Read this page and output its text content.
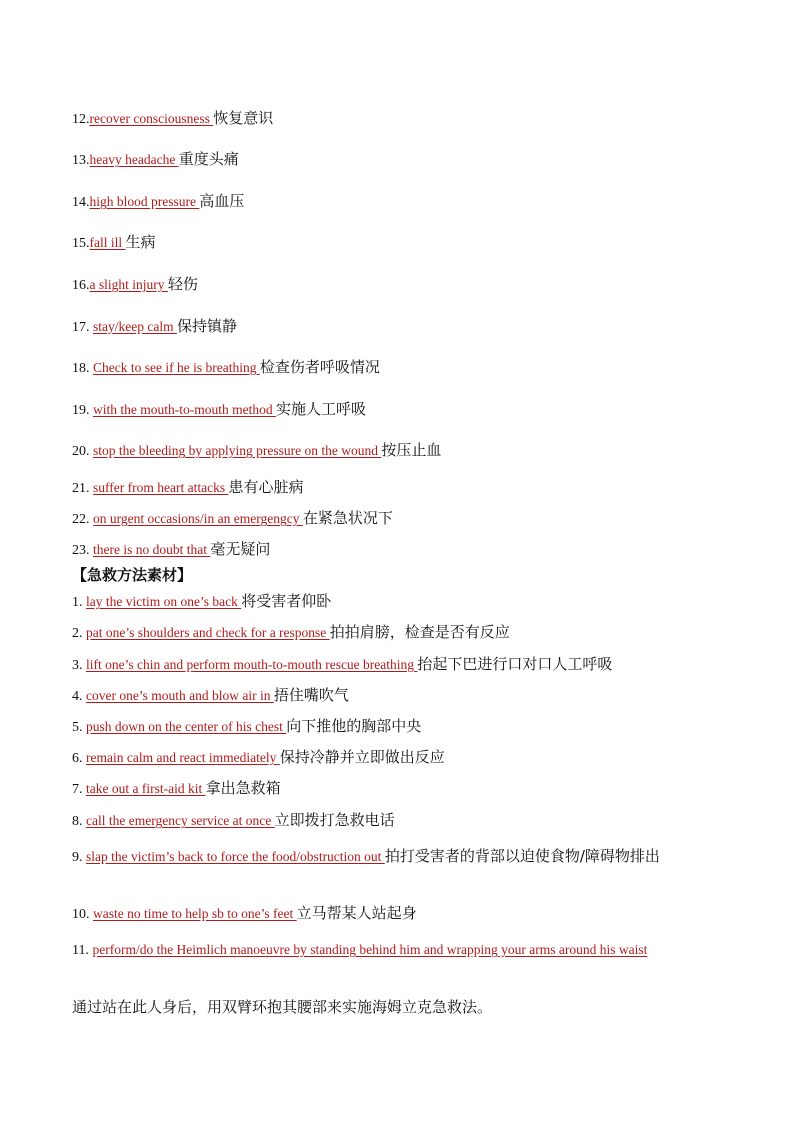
12.recover consciousness 恢复意识
13.heavy headache 重度头痛
14.high blood pressure 高血压
15.fall ill 生病
16.a slight injury 轻伤
17. stay/keep calm 保持镇静
18. Check to see if he is breathing 检查伤者呼吸情况
19. with the mouth-to-mouth method 实施人工呼吸
20. stop the bleeding by applying pressure on the wound 按压止血
21. suffer from heart attacks 患有心脏病
22. on urgent occasions/in an emergengcy 在紧急状况下
23. there is no doubt that 毫无疑问
【急救方法素材】
1. lay the victim on one’s back 将受害者仰卧
2. pat one’s shoulders and check for a response 拍拍肩膀，检查是否有反应
3. lift one’s chin and perform mouth-to-mouth rescue breathing 抬起下巴进行口对口人工呼吸
4. cover one’s mouth and blow air in 捂住嘴吹气
5. push down on the center of his chest 向下推他的胸部中央
6. remain calm and react immediately 保持冷静并立即做出反应
7. take out a first-aid kit 拿出急救箱
8. call the emergency service at once 立即拨打急救电话
9. slap the victim’s back to force the food/obstruction out 拍打受害者的背部以迫使食物/障碍物排出
10. waste no time to help sb to one’s feet 立马帮某人站起身
11. perform/do the Heimlich manoeuvre by standing behind him and wrapping your arms around his waist
通过站在此人身后，用双臂环抱其腰部来实施海姆立克急救法。
